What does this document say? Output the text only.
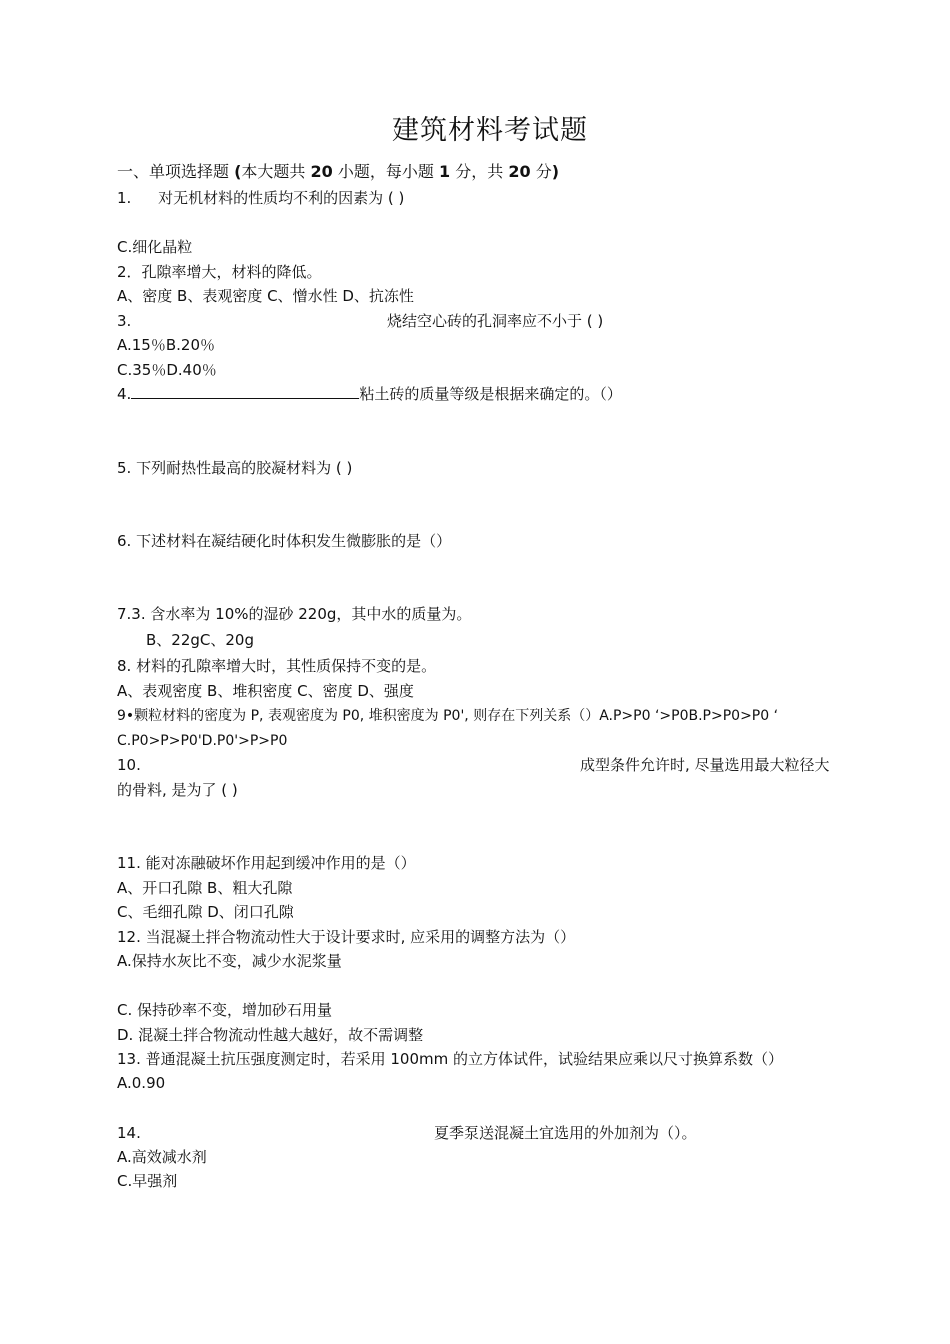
建筑材料考试题
一、单项选择题 (本大题共 20 小题，每小题 1 分，共 20 分)
1. 对无机材料的性质均不利的因素为 ( )
C.细化晶粒
2．孔隙率增大，材料的降低。
A、密度 B、表观密度 C、憎水性 D、抗冻性
3.	烧结空心砖的孔洞率应不小于 ( )
A.15％B.20％
C.35％D.40％
4.	粘土砖的质量等级是根据来确定的。（）
5. 下列耐热性最高的胶凝材料为 ( )
6. 下述材料在凝结硬化时体积发生微膨胀的是（）
7.3. 含水率为 10%的湿砂 220g，其中水的质量为。
B、22gC、20g
8. 材料的孔隙率增大时，其性质保持不变的是。
A、表观密度 B、堆积密度 C、密度 D、强度
9•颗粒材料的密度为 P, 表观密度为 P0, 堆积密度为 P0', 则存在下列关系（）A.P>P0 ‘>P0B.P>P0>P0 ‘
C.P0>P>P0'D.P0'>P>P0
10.	成型条件允许时, 尽量选用最大粒径大
的骨料, 是为了 ( )
11. 能对冻融破坏作用起到缓冲作用的是（）
A、开口孔隙 B、粗大孔隙
C、毛细孔隙 D、闭口孔隙
12. 当混凝土拌合物流动性大于设计要求时, 应采用的调整方法为（）
A.保持水灰比不变，减少水泥浆量
C. 保持砂率不变，增加砂石用量
D. 混凝土拌合物流动性越大越好，故不需调整
13. 普通混凝土抗压强度测定时，若采用 100mm 的立方体试件，试验结果应乘以尺寸换算系数（）
A.0.90
14.	夏季泵送混凝土宜选用的外加剂为（）。
A.高效减水剂
C.早强剂
